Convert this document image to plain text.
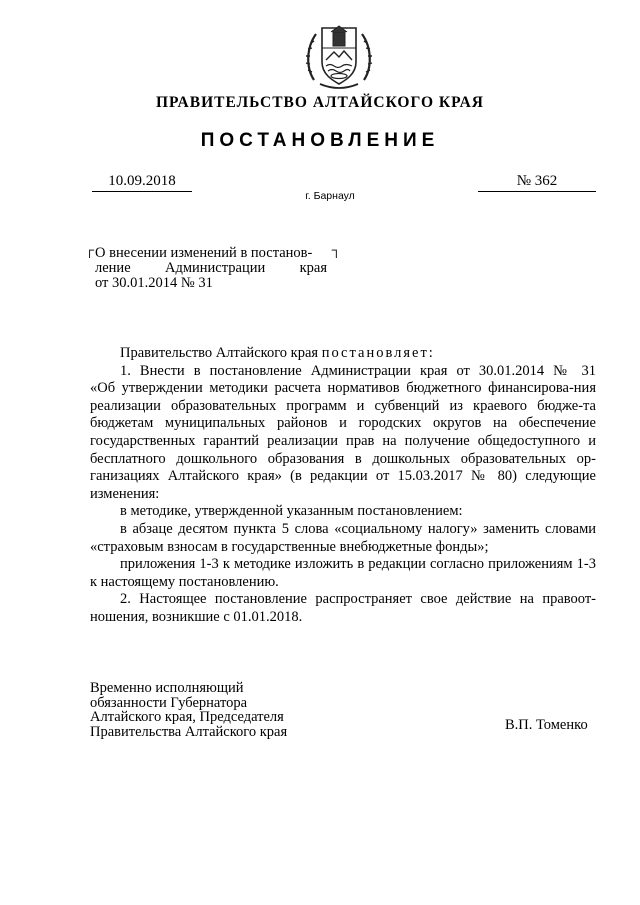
ПРАВИТЕЛЬСТВО АЛТАЙСКОГО КРАЯ
ПОСТАНОВЛЕНИЕ
10.09.2018	№ 362
г. Барнаул
┌	┐
О внесении изменений в постанов-
ление Администрации края
от 30.01.2014 № 31

Правительство Алтайского края постановляет:

1. Внести в постановление Администрации края от 30.01.2014 № 31

«Об утверждении методики расчета нормативов бюджетного финансирова-ния реализации образовательных программ и субвенций из краевого бюдже-та бюджетам муниципальных районов и городских округов на обеспечение государственных гарантий реализации прав на получение общедоступного и бесплатного дошкольного образования в дошкольных образовательных ор-ганизациях Алтайского края» (в редакции от 15.03.2017 № 80) следующие изменения:

в методике, утвержденной указанным постановлением:

в абзаце десятом пункта 5 слова «социальному налогу» заменить словами «страховым взносам в государственные внебюджетные фонды»;

приложения 1-3 к методике изложить в редакции согласно приложениям 1-3 к настоящему постановлению.

2. Настоящее постановление распространяет свое действие на правоот-ношения, возникшие с 01.01.2018.

Временно исполняющий
обязанности Губернатора
Алтайского края, Председателя
Правительства Алтайского края	В.П. Томенко
